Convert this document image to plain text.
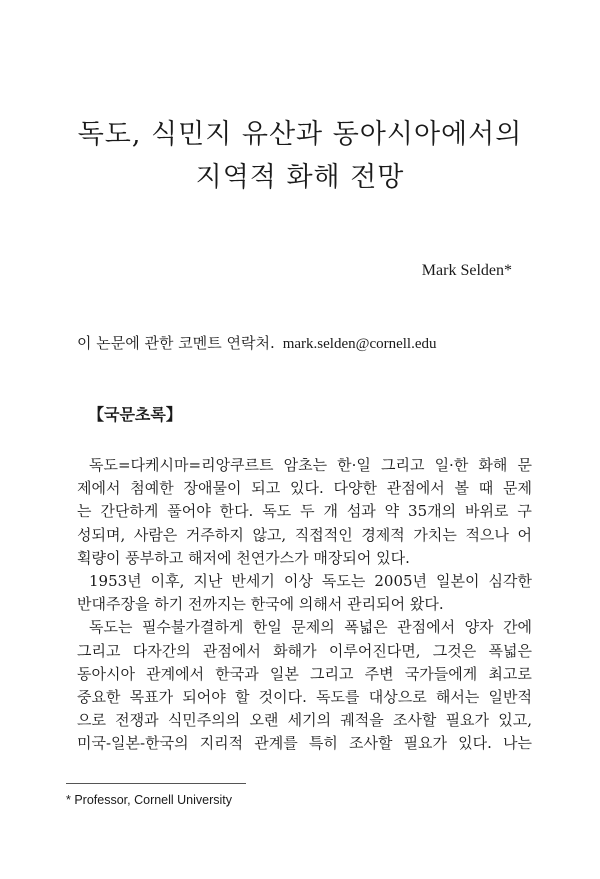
독도, 식민지 유산과 동아시아에서의
지역적 화해 전망
Mark Selden*
이 논문에 관한 코멘트 연락처. mark.selden@cornell.edu
【국문초록】
독도=다케시마=리앙쿠르트 암초는 한·일 그리고 일·한 화해 문
제에서 첨예한 장애물이 되고 있다. 다양한 관점에서 볼 때 문제
는 간단하게 풀어야 한다. 독도 두 개 섬과 약 35개의 바위로 구
성되며, 사람은 거주하지 않고, 직접적인 경제적 가치는 적으나 어
획량이 풍부하고 해저에 천연가스가 매장되어 있다.
1953년 이후, 지난 반세기 이상 독도는 2005년 일본이 심각한
반대주장을 하기 전까지는 한국에 의해서 관리되어 왔다.
독도는 필수불가결하게 한일 문제의 폭넓은 관점에서 양자 간에
그리고 다자간의 관점에서 화해가 이루어진다면, 그것은 폭넓은
동아시아 관계에서 한국과 일본 그리고 주변 국가들에게 최고로
중요한 목표가 되어야 할 것이다. 독도를 대상으로 해서는 일반적
으로 전쟁과 식민주의의 오랜 세기의 궤적을 조사할 필요가 있고,
미국-일본-한국의 지리적 관계를 특히 조사할 필요가 있다. 나는
* Professor, Cornell University
